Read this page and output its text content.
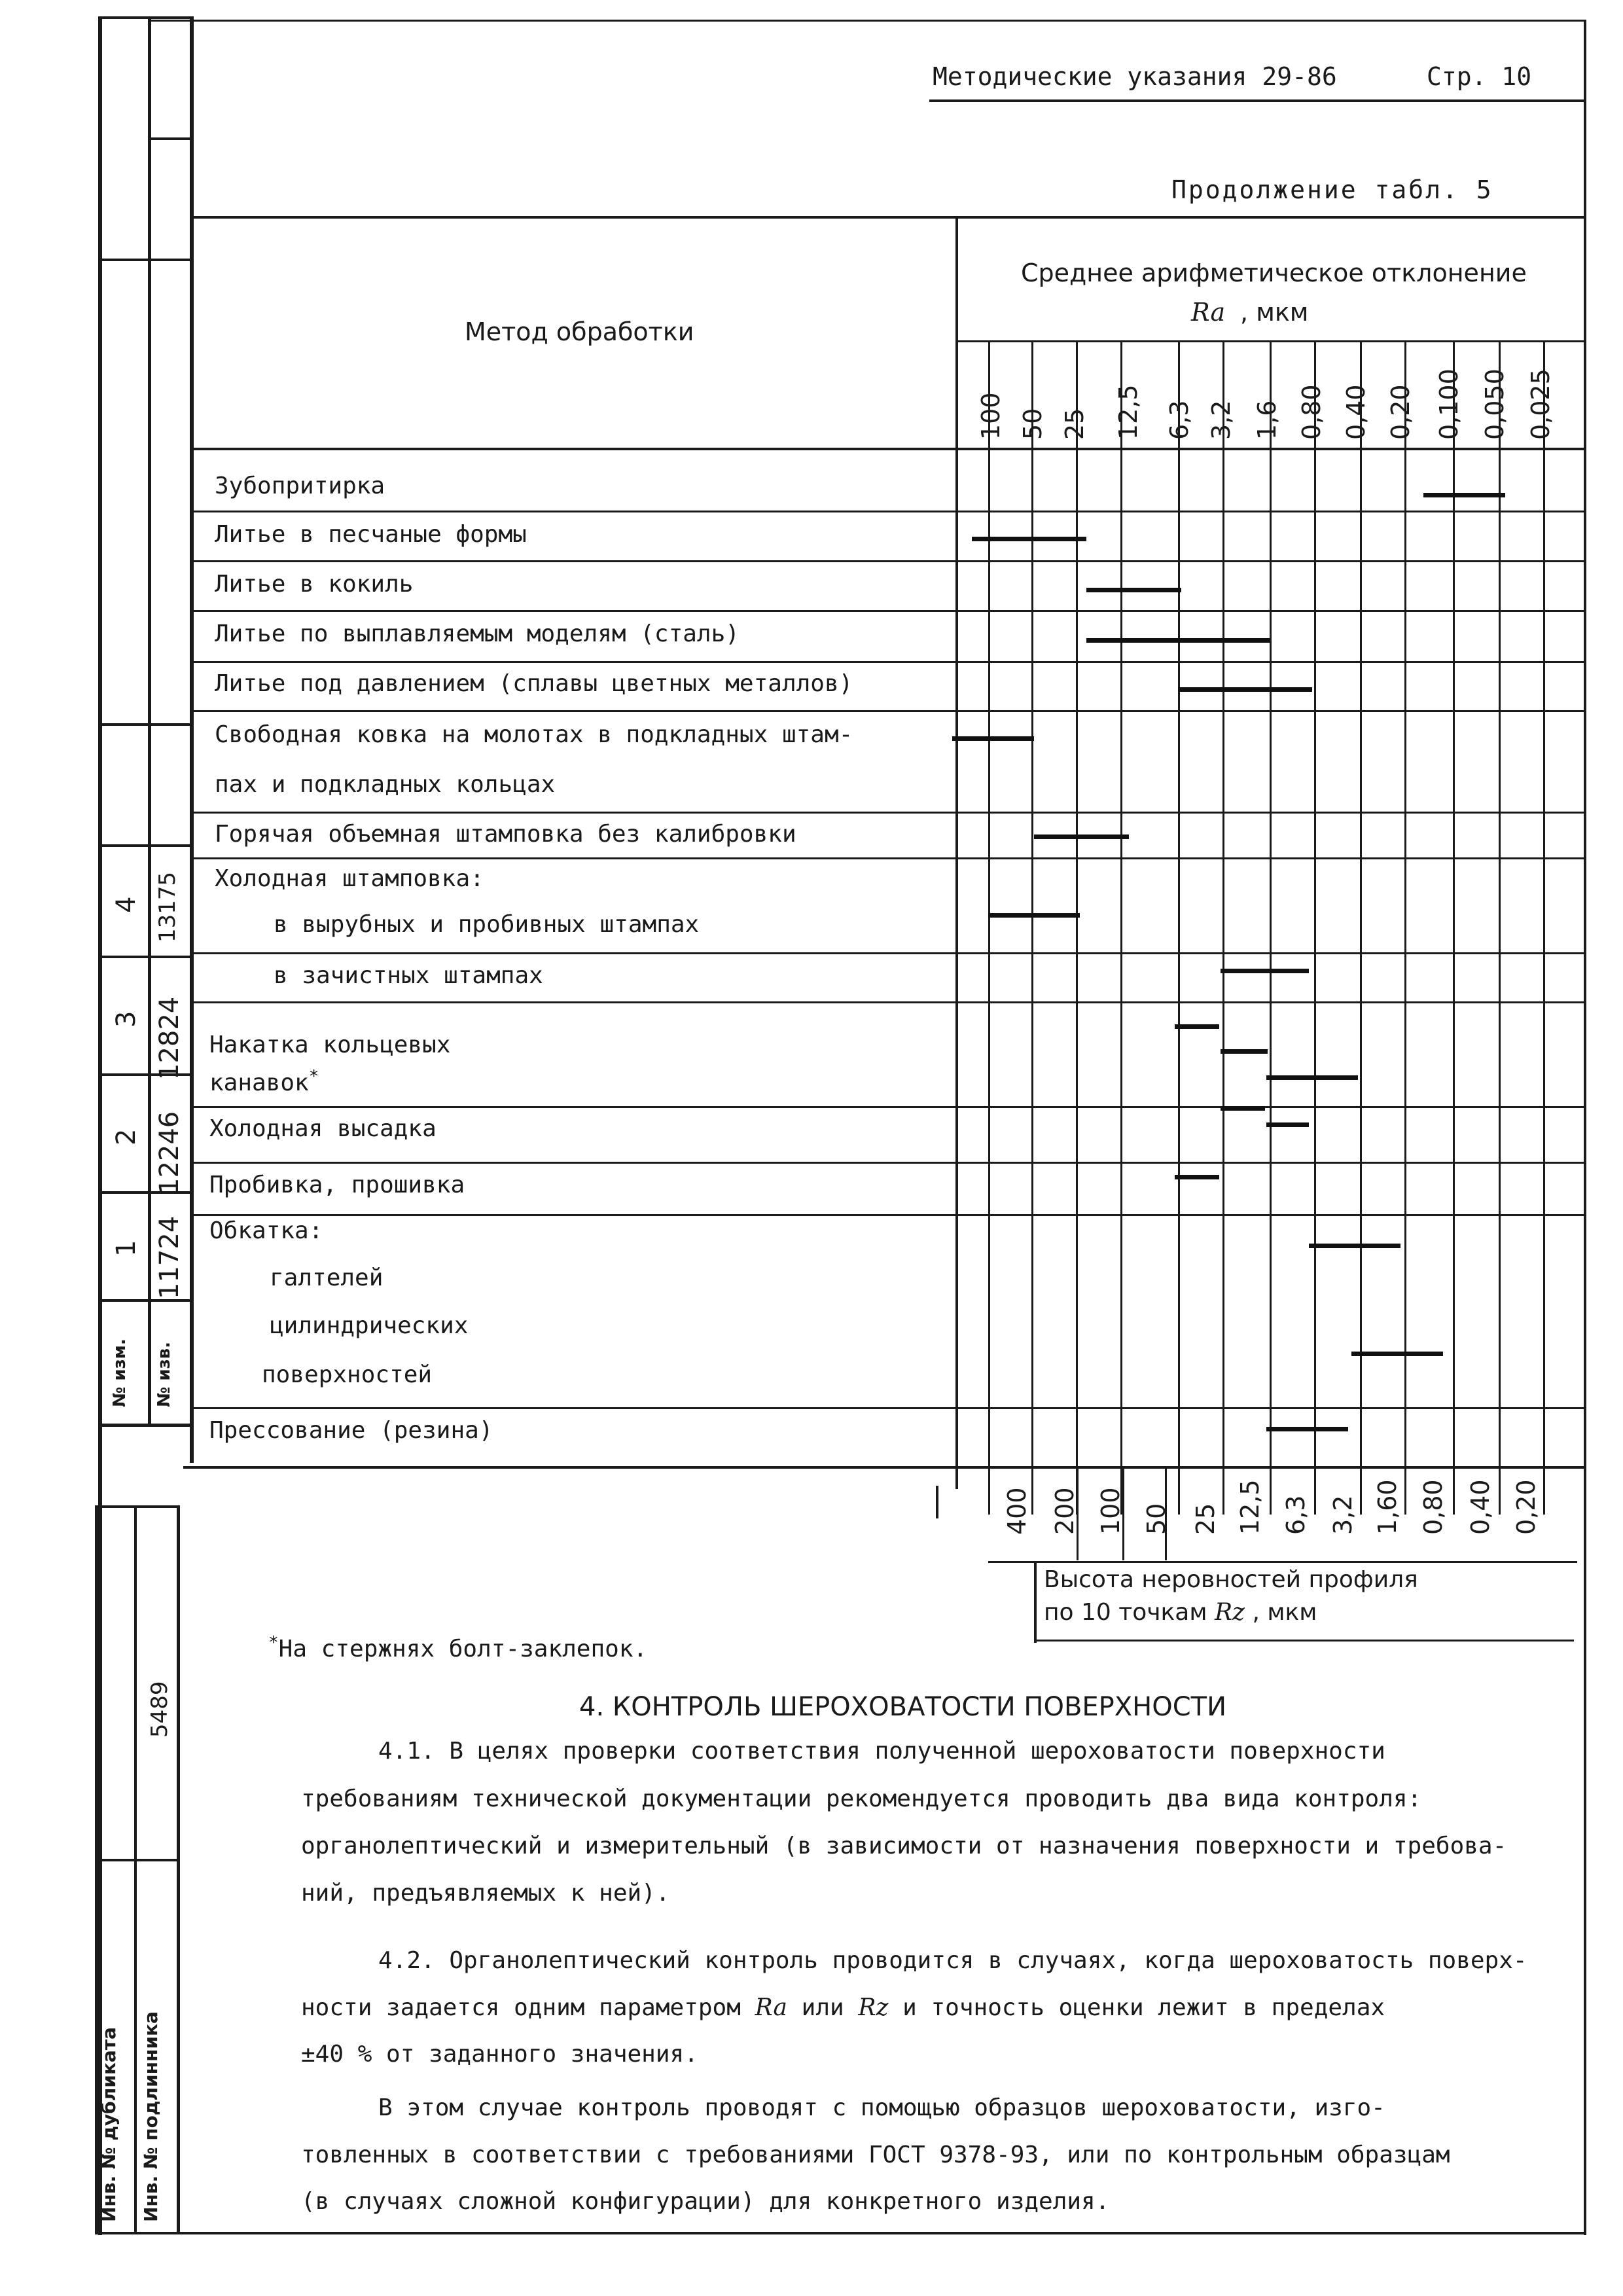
4
3
2
1
13175
12824
12246
11724
№ изм. № изв.
5489
Инв. № дубликата Инв. № подлинника
Методические указания 29-86	Стр. 10
Продолжение табл. 5
Метод обработки
Среднее арифметическое отклонение
Ra , мкм
100 50 25 12,5 6,3 3,2 1,6 0,80 0,40 0,20 0,100 0,050 0,025
Зубопритирка
Литье в песчаные формы
Литье в кокиль
Литье по выплавляемым моделям (сталь)
Литье под давлением (сплавы цветных металлов)
Свободная ковка на молотах в подкладных штам-
пах и подкладных кольцах
Горячая объемная штамповка без калибровки
Холодная штамповка:
в вырубных и пробивных штампах
в зачистных штампах
Накатка кольцевых
канавок*
Холодная высадка
Пробивка, прошивка
Обкатка:
галтелей
цилиндрических
поверхностей
Прессование (резина)
400 200 100 50 25 12,5 6,3 3,2 1,60 0,80 0,40 0,20
Высота неровностей профиля
по 10 точкам Rz , мкм
*На стержнях болт-заклепок.
4. КОНТРОЛЬ ШЕРОХОВАТОСТИ ПОВЕРХНОСТИ
4.1. В целях проверки соответствия полученной шероховатости поверхности
требованиям технической документации рекомендуется проводить два вида контроля:
органолептический и измерительный (в зависимости от назначения поверхности и требова-
ний, предъявляемых к ней).
4.2. Органолептический контроль проводится в случаях, когда шероховатость поверх-
ности задается одним параметром Ra или Rz и точность оценки лежит в пределах
±40 % от заданного значения.
В этом случае контроль проводят с помощью образцов шероховатости, изго-
товленных в соответствии с требованиями ГОСТ 9378-93, или по контрольным образцам
(в случаях сложной конфигурации) для конкретного изделия.
